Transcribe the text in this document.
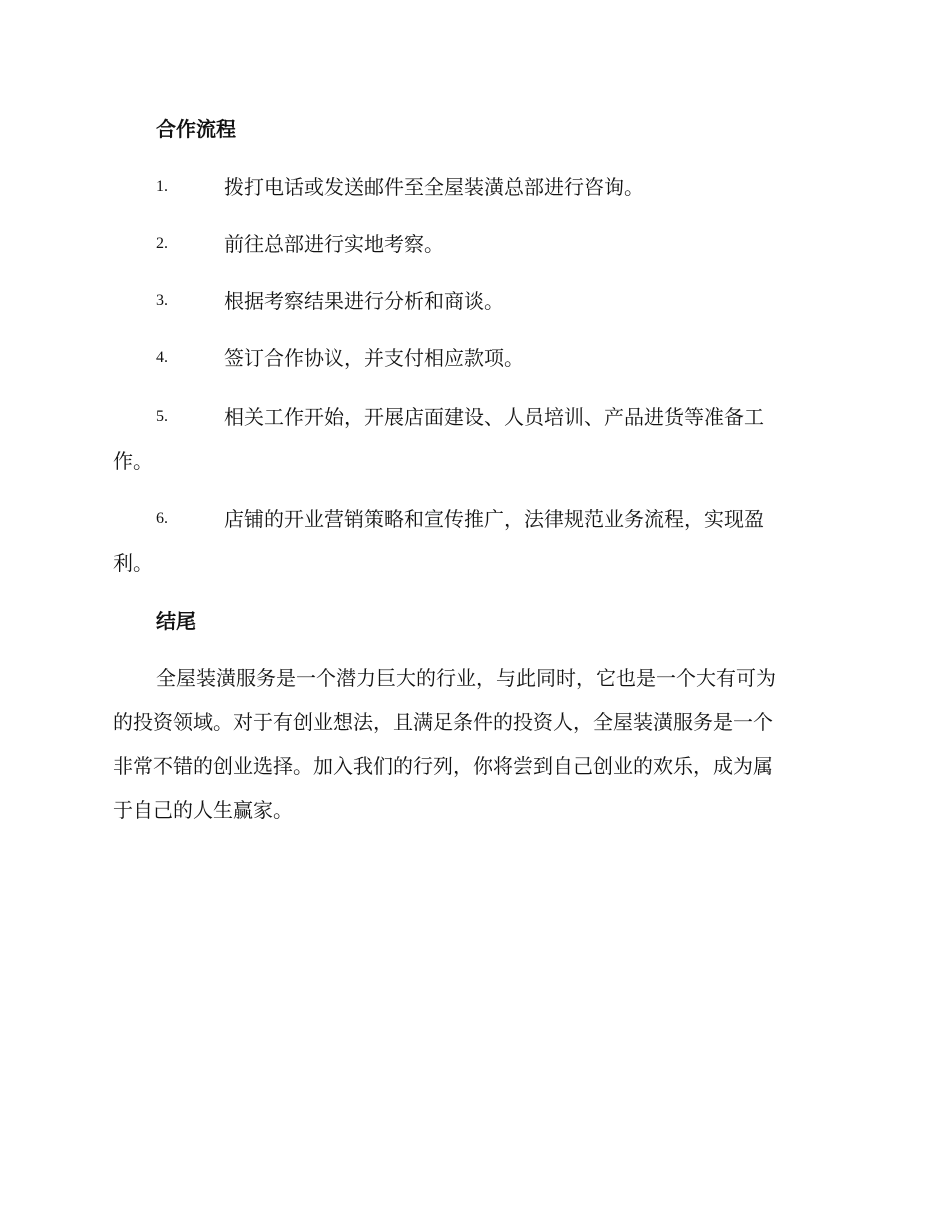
合作流程
1.	拨打电话或发送邮件至全屋装潢总部进行咨询。
2.	前往总部进行实地考察。
3.	根据考察结果进行分析和商谈。
4.	签订合作协议，并支付相应款项。
5.	相关工作开始，开展店面建设、人员培训、产品进货等准备工
作。
6.	店铺的开业营销策略和宣传推广，法律规范业务流程，实现盈
利。
结尾
全屋装潢服务是一个潜力巨大的行业，与此同时，它也是一个大有可为
的投资领域。对于有创业想法，且满足条件的投资人，全屋装潢服务是一个
非常不错的创业选择。加入我们的行列，你将尝到自己创业的欢乐，成为属
于自己的人生赢家。
